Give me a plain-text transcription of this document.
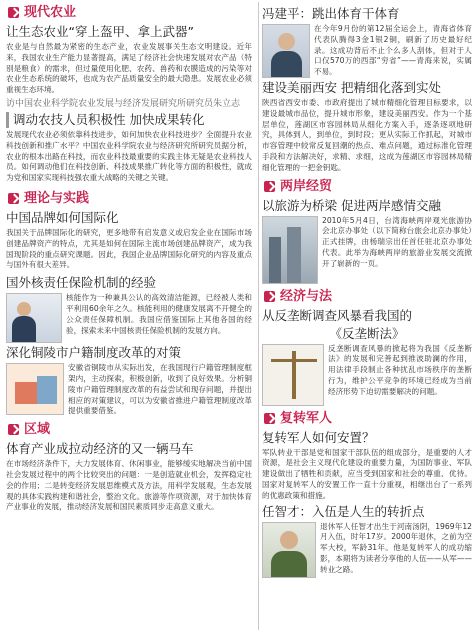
现代农业
让生态农业“穿上盔甲、拿上武器”

农业是与自然最为紧密的生态产业，农业发展事关生态文明建设。近年来，我国农业生产能力显著提高，满足了经济社会快速发展对农产品（特别是粮食）的需求，但过量使用化肥、农药、兽药和农膜造成的污染等对农业生态系统的破坏，也成为农产品质量安全的最大隐患。发展农业必须重视生态环境。

访中国农业科学院农业发展与经济发展研究所研究员朱立志
调动农技人员积极性 加快成果转化

发展现代农业必须依靠科技进步，如何加快农业科技进步？全面提升农业科技创新和推广水平？中国农业科学院农业与经济研究所研究员据分析，农业的根本出路在科技，而农业科技最重要的实践主体无疑是农业科技人员。如何调动他们在科技创新、科技成果推广转化等方面的积极性，就成为党和国家实现科技强农重大战略的关键之关键。

理论与实践
中国品牌如何国际化

我国关于品牌国际化的研究，更多地带有启发意义或启发企业在国际市场创建品牌资产的特点，尤其是如何在国际主流市场创建品牌资产，成为我国现阶段的重点研究课题。因此，我国企业品牌国际化研究的内容及重点与国外有很大差异。

国外核责任保险机制的经验

核能作为一种兼具公认的高效清洁能源，已经被人类和平利用60余年之久。核能利用的健康发展离不开健全的公众责任保障机制。我国应借鉴国际上其他各国的经验，探索未来中国核责任保险机制的发展方向。

深化铜陵市户籍制度改革的对策

安徽省铜陵市从实际出发，在我国现行户籍管理制度框架内，主动探索，积极创新，收到了良好效果。分析铜陵市户籍管理制度改革的有益尝试和现存问题，并提出相应的对策建议，可以为安徽省推进户籍管理制度改革提供重要借鉴。

区域
体育产业成拉动经济的又一辆马车

在市场经济条件下，大力发展体育、休闲事业，能够缓实地解决当前中国社会发展过程中的两个比较突出的问题：一是创造就业机会，发挥稳定社会的作用；二是转变经济发展思维模式及方法，用科学发展观，生态发展观的具体实践构建和谐社会，整治文化。旅游等作项资源，对于加快体育产业事业的发展，推动经济发展和国民素质同步走高意义重大。

冯建平：跳出体育干体育

在今年9月份的第12届全运会上，青海省体育代表队腾得3金1银2铜，刷新了历史最好纪录。这成功背后不止个么多人刮体，但对于人口仅570万的西部“穷省”——青海来说，实属不易。

建设美丽西安 把精细化落到实处

陕西省西安市委、市政府提出了城市精细化管理目标要求，以建设最城市品位，提升城市形象，建设美丽西安。作为一个基层单位，莲湖区市容园林局从细化方案入手，逐条逐项地研究，具体到人，到单位，到时段；更从实际工作抓起，对城市市容管理中较常反复回潮的热点、难点问题，通过标准化管理手段和方法解决好，求精、求细，这成为莲湖区市容园林局精细化管理的一把金钥匙。

两岸经贸
以旅游为桥梁 促进两岸感情交融

2010年5月4日，台湾海峡两岸观光旅游协会北京办事处（以下简称台旅会北京办事处）正式挂牌，由杨瑞宗出任首任驻北京办事处代表。此举为海峡两岸的旅游业发展交流掀开了崭新的一页。

经济与法
从反垄断调查风暴看我国的
《反垄断法》

反垄断调查风暴的掀起将为我国《反垄断法》的发展和完善起到推波助澜的作用，用法律手段制止各种扰乱市场秩序的垄断行为，维护公平竞争的环境已经成为当前经济形势下迫切需要解决的问题。

复转军人
复转军人如何安置？

军队转业干部是党和国家干部队伍的组成部分，是重要的人才资源，是社会主义现代化建设的重要力量，为国防事业、军队建设做出了牺牲和贡献，应当受到国家和社会的尊重、优待。国家对复转军人的安置工作一直十分重视，相继出台了一系列的优惠政策和措施。

任智才：入伍是人生的转折点

退休军人任智才出生于河南汤阴，1969年12月入伍，时年17岁。2000年退休，之前为空军大校，军龄31年。他是复转军人的成功缩影，本期将为读者分享他的人伍——从军——转业之路。
